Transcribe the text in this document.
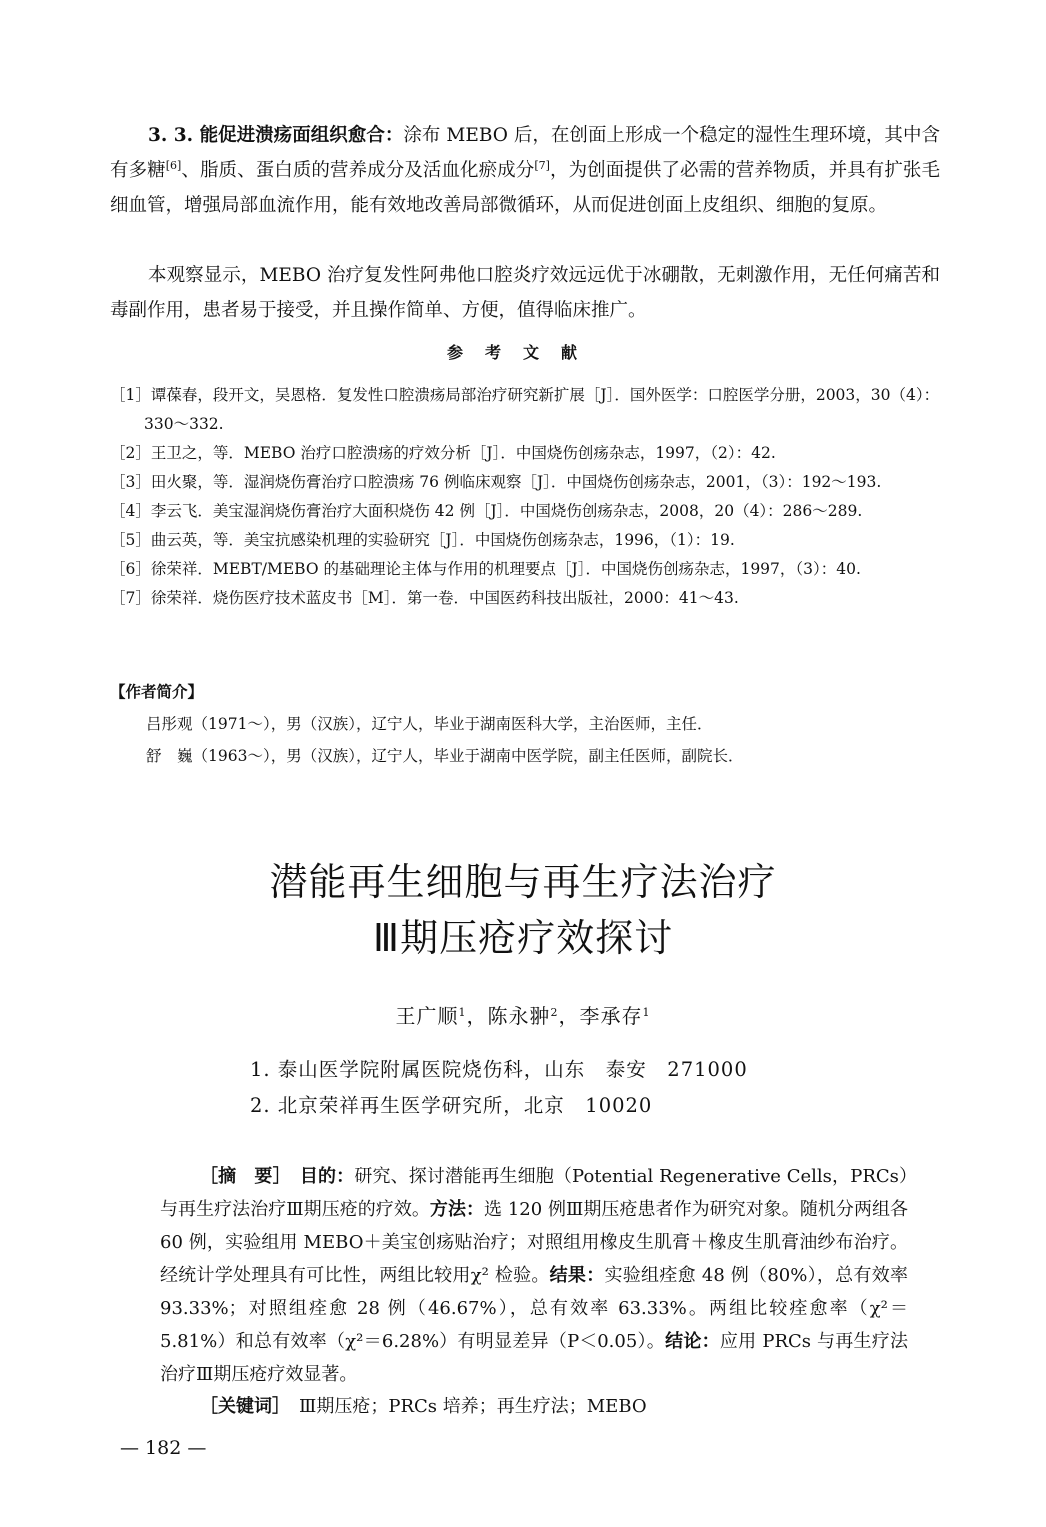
3. 3. 能促进溃疡面组织愈合：涂布 MEBO 后，在创面上形成一个稳定的湿性生理环境，其中含有多糖[6]、脂质、蛋白质的营养成分及活血化瘀成分[7]，为创面提供了必需的营养物质，并具有扩张毛细血管，增强局部血流作用，能有效地改善局部微循环，从而促进创面上皮组织、细胞的复原。
本观察显示，MEBO 治疗复发性阿弗他口腔炎疗效远远优于冰硼散，无刺激作用，无任何痛苦和毒副作用，患者易于接受，并且操作简单、方便，值得临床推广。
参考文献
［1］谭葆春，段开文，吴恩格．复发性口腔溃疡局部治疗研究新扩展［J］．国外医学：口腔医学分册，2003，30（4）：330～332.
［2］王卫之，等．MEBO 治疗口腔溃疡的疗效分析［J］．中国烧伤创疡杂志，1997，（2）：42.
［3］田火聚，等．湿润烧伤膏治疗口腔溃疡 76 例临床观察［J］．中国烧伤创疡杂志，2001，（3）：192～193.
［4］李云飞．美宝湿润烧伤膏治疗大面积烧伤 42 例［J］．中国烧伤创疡杂志，2008，20（4）：286～289.
［5］曲云英，等．美宝抗感染机理的实验研究［J］．中国烧伤创疡杂志，1996，（1）：19.
［6］徐荣祥．MEBT/MEBO 的基础理论主体与作用的机理要点［J］．中国烧伤创疡杂志，1997，（3）：40.
［7］徐荣祥．烧伤医疗技术蓝皮书［M］．第一卷．中国医药科技出版社，2000：41～43.
【作者简介】
吕彤观（1971～），男（汉族），辽宁人，毕业于湖南医科大学，主治医师，主任．
舒　巍（1963～），男（汉族），辽宁人，毕业于湖南中医学院，副主任医师，副院长．
潜能再生细胞与再生疗法治疗
Ⅲ期压疮疗效探讨
王广顺$^1$，陈永翀$^2$，李承存$^1$
1. 泰山医学院附属医院烧伤科，山东　泰安　271000
2. 北京荣祥再生医学研究所，北京　10020
［摘　要］　 目的：研究、探讨潜能再生细胞（Potential Regenerative Cells，PRCs）与再生疗法治疗Ⅲ期压疮的疗效。方法：选 120 例Ⅲ期压疮患者作为研究对象。随机分两组各 60 例，实验组用 MEBO＋美宝创疡贴治疗；对照组用橡皮生肌膏＋橡皮生肌膏油纱布治疗。经统计学处理具有可比性，两组比较用χ² 检验。结果：实验组痊愈 48 例（80%），总有效率 93.33%；对照组痊愈 28 例（46.67%），总有效率 63.33%。两组比较痊愈率（χ²＝5.81%）和总有效率（χ²＝6.28%）有明显差异（P＜0.05）。结论：应用 PRCs 与再生疗法治疗Ⅲ期压疮疗效显著。
［关键词］　 Ⅲ期压疮；PRCs 培养；再生疗法；MEBO
— 182 —
